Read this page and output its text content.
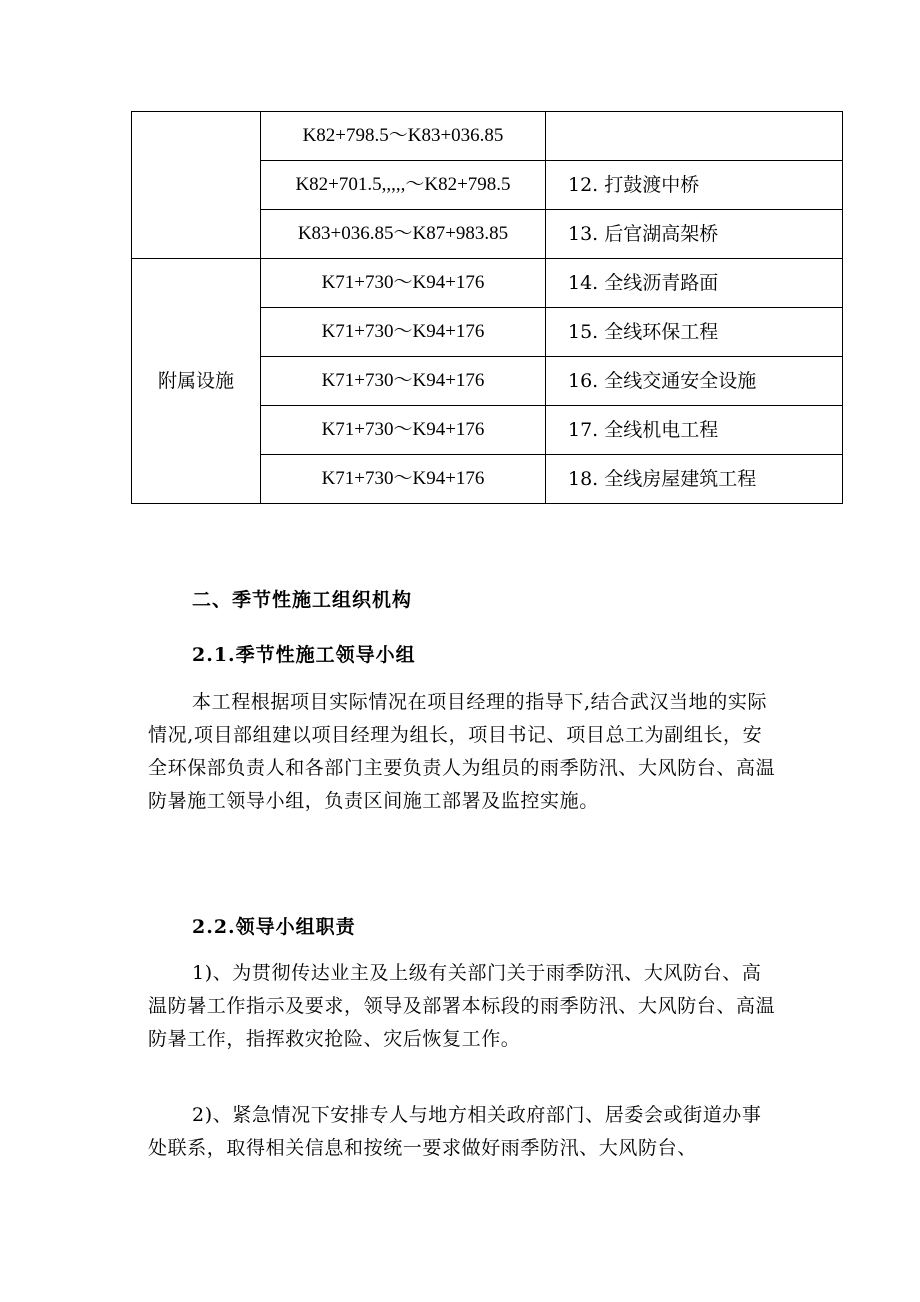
	K82+798.5～K83+036.85	
	K82+701.5,,,,,～K82+798.5	12. 打鼓渡中桥
	K83+036.85～K87+983.85	13. 后官湖高架桥
附属设施	K71+730～K94+176	14. 全线沥青路面
	K71+730～K94+176	15. 全线环保工程
	K71+730～K94+176	16. 全线交通安全设施
	K71+730～K94+176	17. 全线机电工程
	K71+730～K94+176	18. 全线房屋建筑工程
二、季节性施工组织机构
2.1.季节性施工领导小组
本工程根据项目实际情况在项目经理的指导下,结合武汉当地的实际情况,项目部组建以项目经理为组长，项目书记、项目总工为副组长，安全环保部负责人和各部门主要负责人为组员的雨季防汛、大风防台、高温防暑施工领导小组，负责区间施工部署及监控实施。
2.2.领导小组职责
1)、为贯彻传达业主及上级有关部门关于雨季防汛、大风防台、高温防暑工作指示及要求，领导及部署本标段的雨季防汛、大风防台、高温防暑工作，指挥救灾抢险、灾后恢复工作。
2)、紧急情况下安排专人与地方相关政府部门、居委会或街道办事处联系，取得相关信息和按统一要求做好雨季防汛、大风防台、
